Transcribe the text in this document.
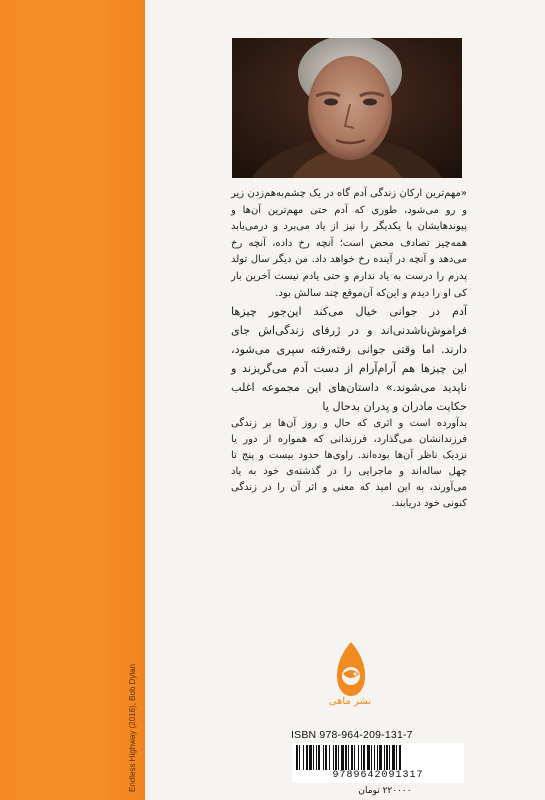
Endless Highway (2016), Bob Dylan

«مهم‌ترین ارکان زندگی آدم گاه در یک چشم‌به‌هم‌زدن زیر و رو می‌شود، طوری که آدم حتی مهم‌ترین آن‌ها و پیوندهایشان با یکدیگر را نیز از یاد می‌برد و درمی‌یابد همه‌چیز تصادف محض است؛ آنچه رخ داده، آنچه رخ می‌دهد و آنچه در آینده رخ خواهد داد. من دیگر سال تولد پدرم را درست به یاد ندارم و حتی یادم نیست آخرین بار کی او را دیدم و این‌که آن‌موقع چند سالش بود.

آدم در جوانی خیال می‌کند این‌جور چیزها فراموش‌ناشدنی‌اند و در ژرفای زندگی‌اش جای دارند. اما وقتی جوانی رفته‌رفته سپری می‌شود، این چیزها هم آرام‌آرام از دست آدم می‌گریزند و ناپدید می‌شوند.» داستان‌های این مجموعه اغلب حکایت مادران و پدران بدحال یا

بدآورده است و اثری که حال و روز آن‌ها بر زندگی فرزندانشان می‌گذارد، فرزندانی که همواره از دور یا نزدیک ناظر آن‌ها بوده‌اند. راوی‌ها حدود بیست و پنج تا چهل ساله‌اند و ماجرایی را در گذشته‌ی خود به یاد می‌آورند، به این امید که معنی و اثر آن را در زندگی کنونی خود دریابند.

نشر ماهی
ISBN 978-964-209-131-7
9789642091317
۲۲۰۰۰۰ تومان
